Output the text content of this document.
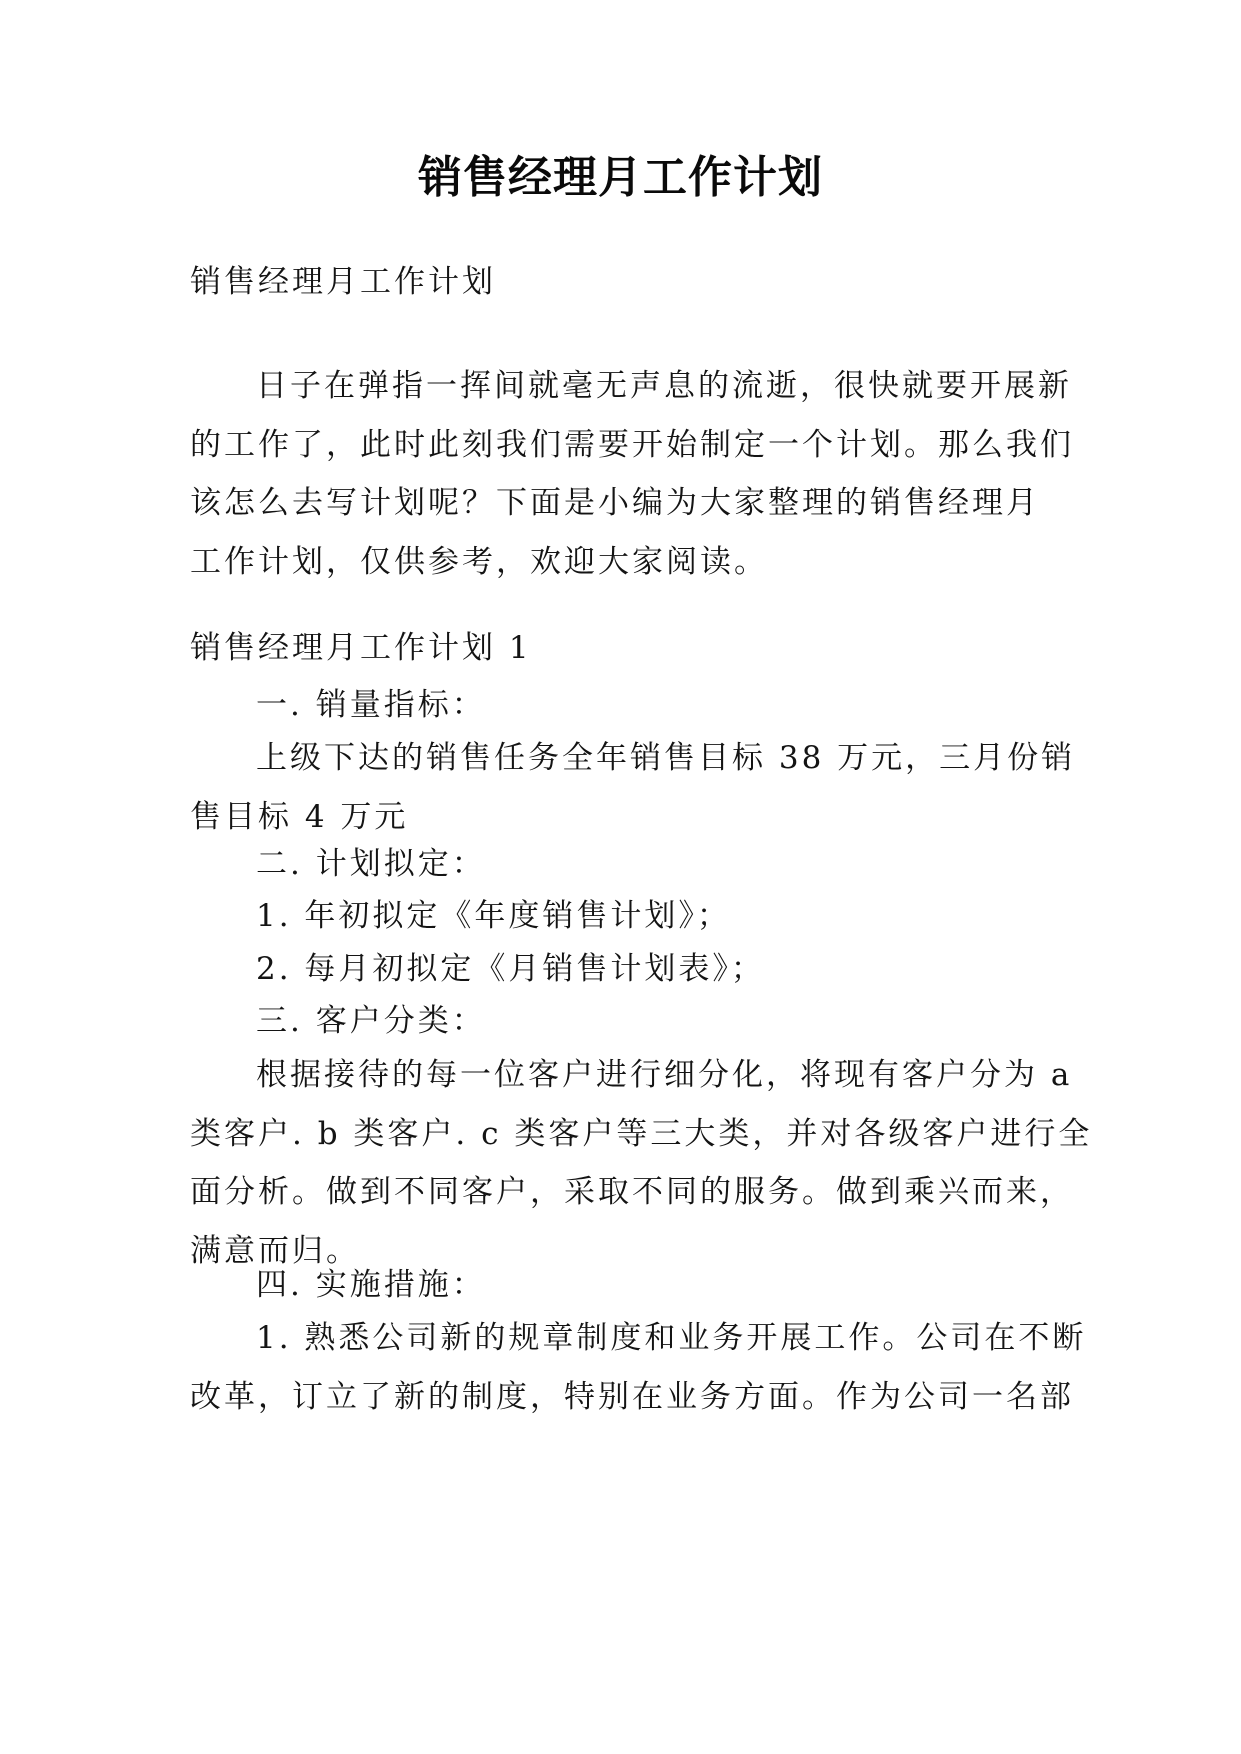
销售经理月工作计划
销售经理月工作计划
日子在弹指一挥间就毫无声息的流逝，很快就要开展新
的工作了，此时此刻我们需要开始制定一个计划。那么我们
该怎么去写计划呢？下面是小编为大家整理的销售经理月
工作计划，仅供参考，欢迎大家阅读。
销售经理月工作计划 1
一. 销量指标：
上级下达的销售任务全年销售目标 38 万元，三月份销
售目标 4 万元
二. 计划拟定：
1. 年初拟定《年度销售计划》；
2. 每月初拟定《月销售计划表》；
三. 客户分类：
根据接待的每一位客户进行细分化，将现有客户分为 a
类客户. b 类客户. c 类客户等三大类，并对各级客户进行全
面分析。做到不同客户，采取不同的服务。做到乘兴而来，
满意而归。
四. 实施措施：
1. 熟悉公司新的规章制度和业务开展工作。公司在不断
改革，订立了新的制度，特别在业务方面。作为公司一名部
